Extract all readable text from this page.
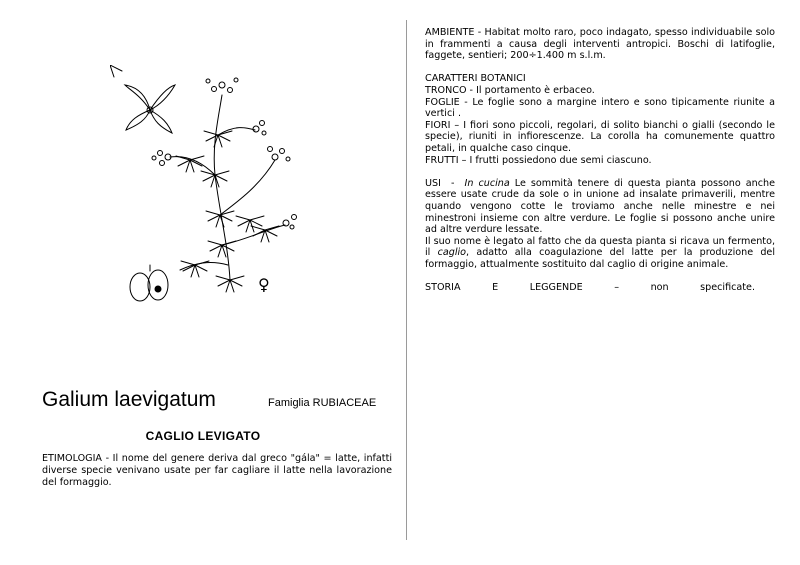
♀
Galium laevigatum	Famiglia RUBIACEAE
CAGLIO LEVIGATO
ETIMOLOGIA - Il nome del genere deriva dal greco "gála" = latte, infatti diverse specie venivano usate per far cagliare il latte nella lavorazione del formaggio.

AMBIENTE - Habitat molto raro, poco indagato, spesso individuabile solo in frammenti a causa degli interventi antropici. Boschi di latifoglie, faggete, sentieri; 200÷1.400 m s.l.m.

CARATTERI BOTANICI

TRONCO - Il portamento è erbaceo.

FOGLIE - Le foglie sono a margine intero e sono tipicamente riunite a vertici .

FIORI – I fiori sono piccoli, regolari, di solito bianchi o gialli (secondo le specie), riuniti in infiorescenze. La corolla ha comunemente quattro petali, in qualche caso cinque.

FRUTTI – I frutti possiedono due semi ciascuno.

USI  -  In cucina Le sommità tenere di questa pianta possono anche essere usate crude da sole o in unione ad insalate primaverili, mentre quando vengono cotte le troviamo anche nelle minestre e nei minestroni insieme con altre verdure. Le foglie si possono anche unire ad altre verdure lessate.

Il suo nome è legato al fatto che da questa pianta si ricava un fermento, il caglio, adatto alla coagulazione del latte per la produzione del formaggio, attualmente sostituito dal caglio di origine animale.

STORIA	E	LEGGENDE	–	non	specificate.
